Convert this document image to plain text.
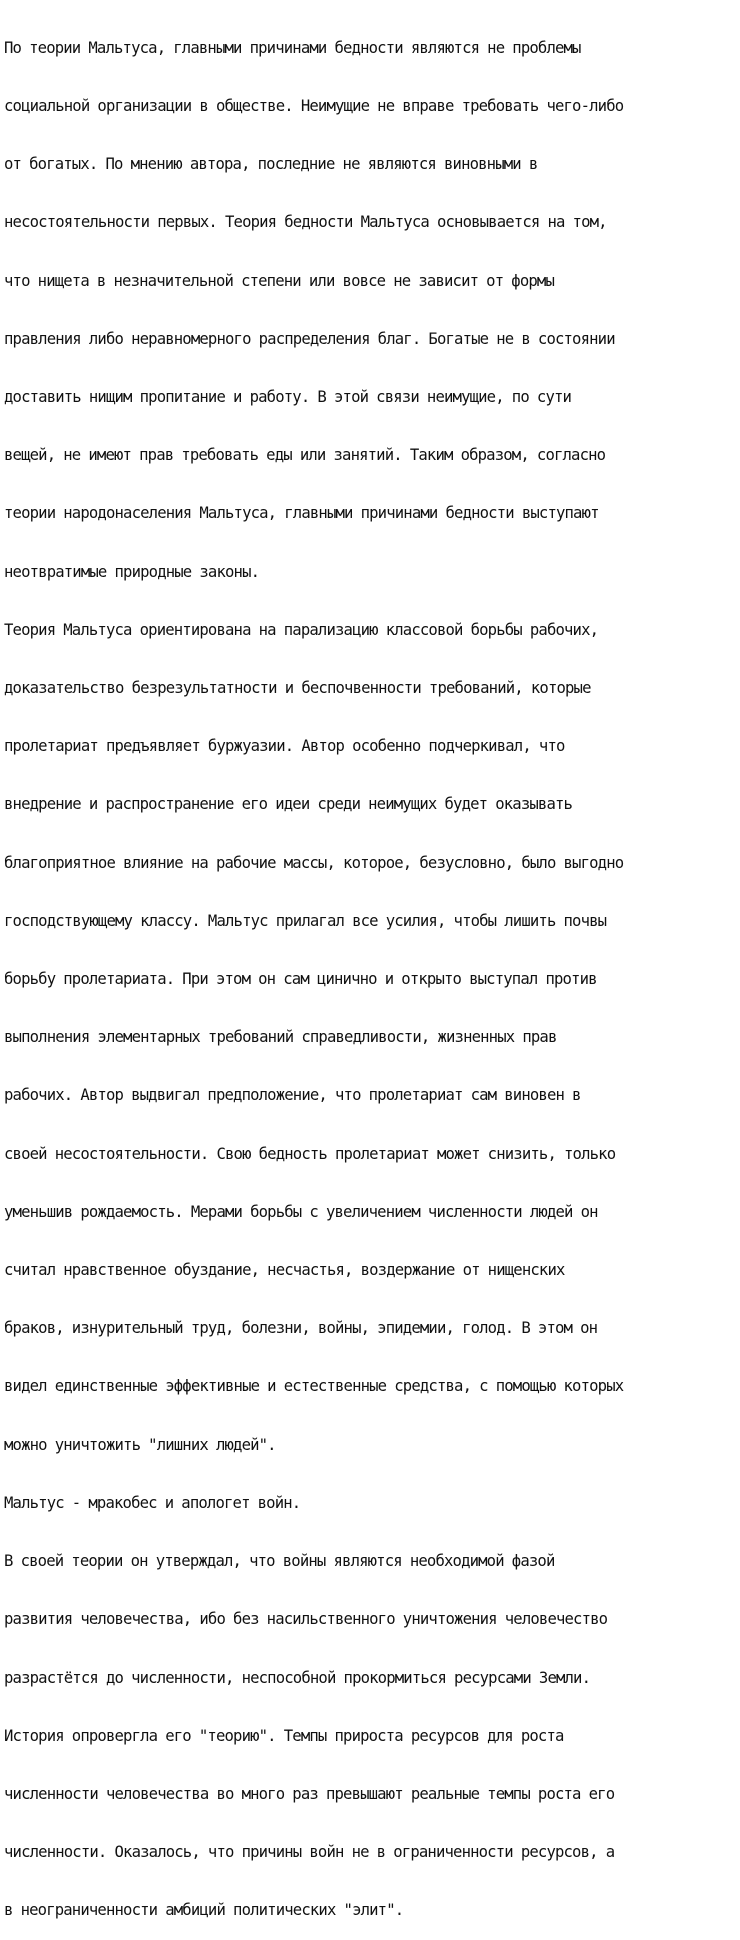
По теории Мальтуса, главными причинами бедности являются не проблемы

социальной организации в обществе. Неимущие не вправе требовать чего-либо

от богатых. По мнению автора, последние не являются виновными в

несостоятельности первых. Теория бедности Мальтуса основывается на том,

что нищета в незначительной степени или вовсе не зависит от формы

правления либо неравномерного распределения благ. Богатые не в состоянии

доставить нищим пропитание и работу. В этой связи неимущие, по сути

вещей, не имеют прав требовать еды или занятий. Таким образом, согласно

теории народонаселения Мальтуса, главными причинами бедности выступают

неотвратимые природные законы.

Теория Мальтуса ориентирована на парализацию классовой борьбы рабочих,

доказательство безрезультатности и беспочвенности требований, которые

пролетариат предъявляет буржуазии. Автор особенно подчеркивал, что

внедрение и распространение его идеи среди неимущих будет оказывать

благоприятное влияние на рабочие массы, которое, безусловно, было выгодно

господствующему классу. Мальтус прилагал все усилия, чтобы лишить почвы

борьбу пролетариата. При этом он сам цинично и открыто выступал против

выполнения элементарных требований справедливости, жизненных прав

рабочих. Автор выдвигал предположение, что пролетариат сам виновен в

своей несостоятельности. Свою бедность пролетариат может снизить, только

уменьшив рождаемость. Мерами борьбы с увеличением численности людей он

считал нравственное обуздание, несчастья, воздержание от нищенских

браков, изнурительный труд, болезни, войны, эпидемии, голод. В этом он

видел единственные эффективные и естественные средства, с помощью которых

можно уничтожить "лишних людей".

Мальтус - мракобес и апологет войн.

В своей теории он утверждал, что войны являются необходимой фазой

развития человечества, ибо без насильственного уничтожения человечество

разрастётся до численности, неспособной прокормиться ресурсами Земли.

История опровергла его "теорию". Темпы прироста ресурсов для роста

численности человечества во много раз превышают реальные темпы роста его

численности. Оказалось, что причины войн не в ограниченности ресурсов, а

в неограниченности амбиций политических "элит".
